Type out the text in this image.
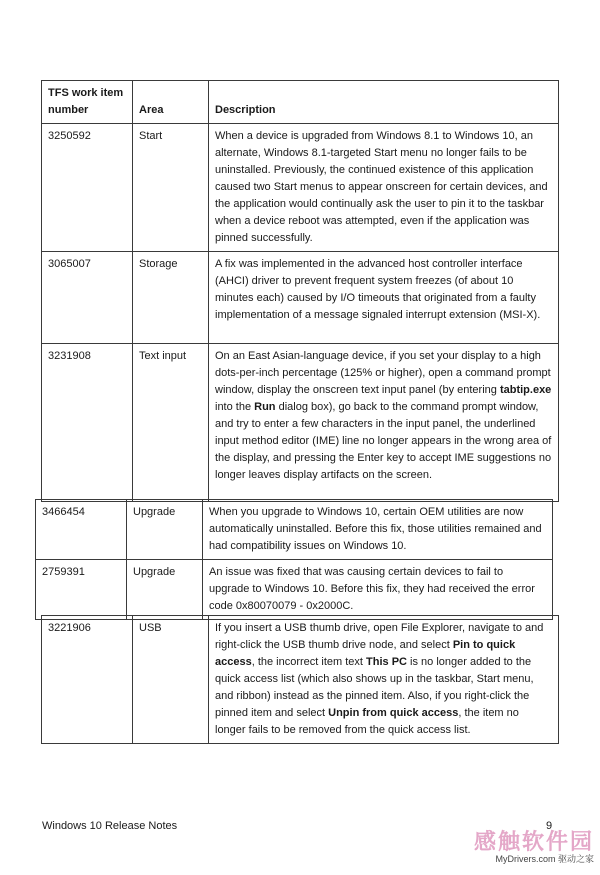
TFS work item number	Area	Description
3250592	Start	When a device is upgraded from Windows 8.1 to Windows 10, an alternate, Windows 8.1-targeted Start menu no longer fails to be uninstalled. Previously, the continued existence of this application caused two Start menus to appear onscreen for certain devices, and the application would continually ask the user to pin it to the taskbar when a device reboot was attempted, even if the application was pinned successfully.
3065007	Storage	A fix was implemented in the advanced host controller interface (AHCI) driver to prevent frequent system freezes (of about 10 minutes each) caused by I/O timeouts that originated from a faulty implementation of a message signaled interrupt extension (MSI-X).
3231908	Text input	On an East Asian-language device, if you set your display to a high dots-per-inch percentage (125% or higher), open a command prompt window, display the onscreen text input panel (by entering tabtip.exe into the Run dialog box), go back to the command prompt window, and try to enter a few characters in the input panel, the underlined input method editor (IME) line no longer appears in the wrong area of the display, and pressing the Enter key to accept IME suggestions no longer leaves display artifacts on the screen.
3466454	Upgrade	When you upgrade to Windows 10, certain OEM utilities are now automatically uninstalled. Before this fix, those utilities remained and had compatibility issues on Windows 10.
2759391	Upgrade	An issue was fixed that was causing certain devices to fail to upgrade to Windows 10. Before this fix, they had received the error code 0x80070079 - 0x2000C.
3221906	USB	If you insert a USB thumb drive, open File Explorer, navigate to and right-click the USB thumb drive node, and select Pin to quick access, the incorrect item text This PC is no longer added to the quick access list (which also shows up in the taskbar, Start menu, and ribbon) instead as the pinned item. Also, if you right-click the pinned item and select Unpin from quick access, the item no longer fails to be removed from the quick access list.
Windows 10 Release Notes	9
感触软件园
MyDrivers.com 驱动之家
